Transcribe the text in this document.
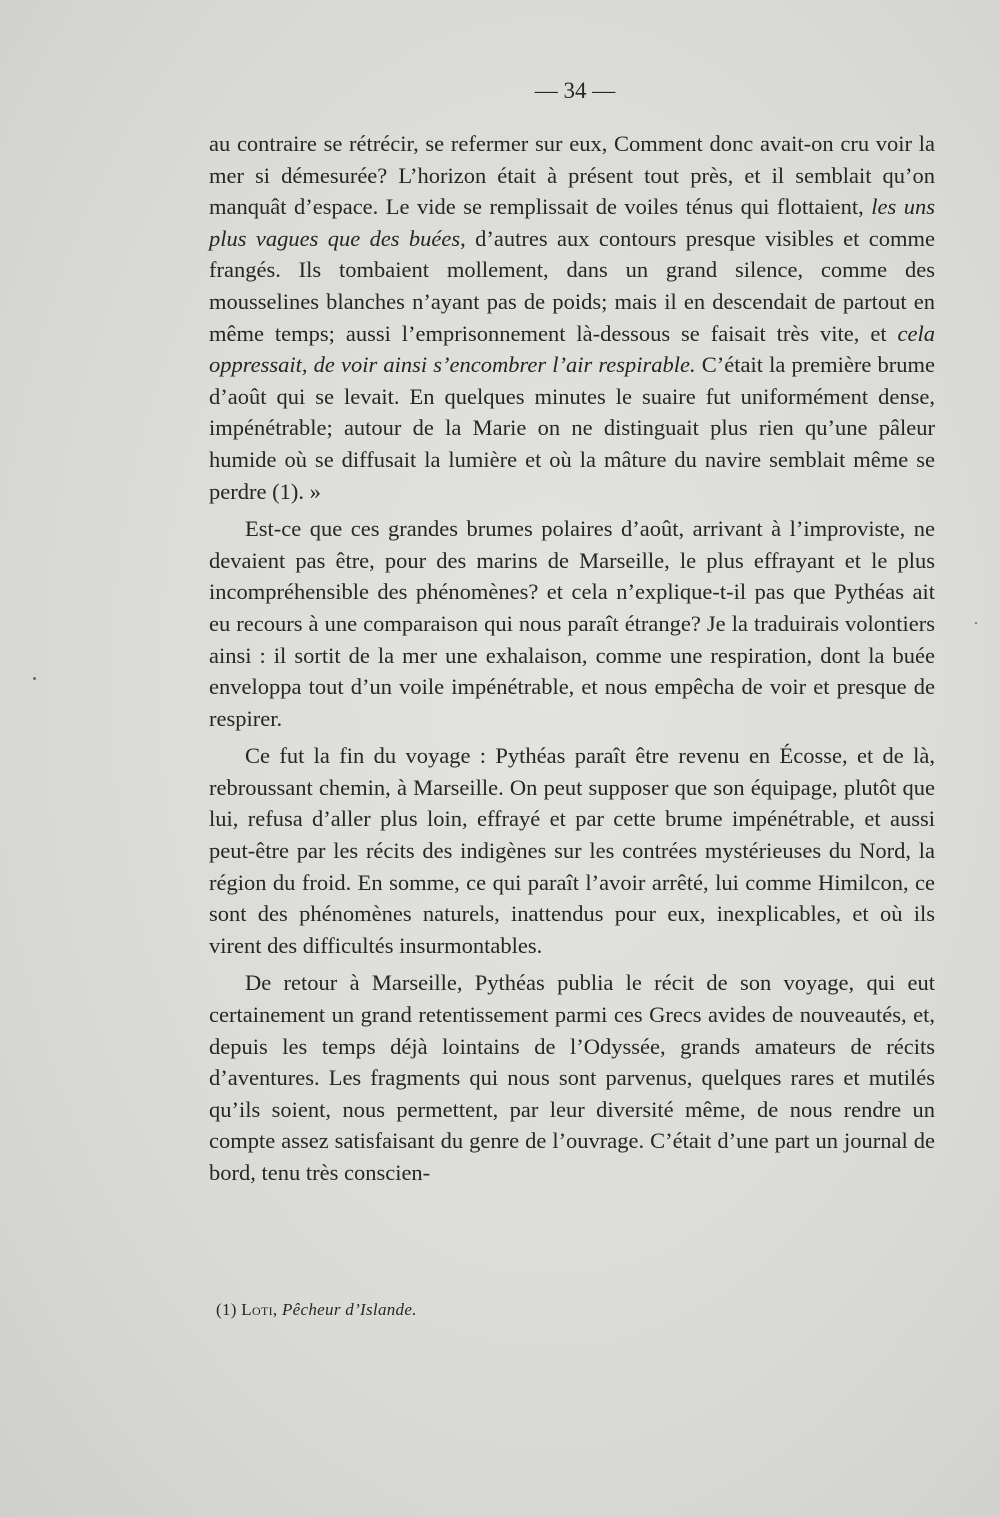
— 34 —

au contraire se rétrécir, se refermer sur eux, Comment donc avait-on cru voir la mer si démesurée? L’horizon était à présent tout près, et il semblait qu’on manquât d’espace. Le vide se remplissait de voiles ténus qui flottaient, les uns plus vagues que des buées, d’autres aux contours presque visibles et comme frangés. Ils tombaient mollement, dans un grand silence, comme des mousselines blanches n’ayant pas de poids; mais il en descendait de partout en même temps; aussi l’emprisonnement là-dessous se faisait très vite, et cela oppressait, de voir ainsi s’encombrer l’air respirable. C’était la première brume d’août qui se levait. En quelques minutes le suaire fut uniformément dense, impénétrable; autour de la Marie on ne distinguait plus rien qu’une pâleur humide où se diffusait la lumière et où la mâture du navire semblait même se perdre (1). »

Est-ce que ces grandes brumes polaires d’août, arrivant à l’improviste, ne devaient pas être, pour des marins de Marseille, le plus effrayant et le plus incompréhensible des phénomènes? et cela n’explique-t-il pas que Pythéas ait eu recours à une comparaison qui nous paraît étrange? Je la traduirais volontiers ainsi : il sortit de la mer une exhalaison, comme une respiration, dont la buée enveloppa tout d’un voile impénétrable, et nous empêcha de voir et presque de respirer.

Ce fut la fin du voyage : Pythéas paraît être revenu en Écosse, et de là, rebroussant chemin, à Marseille. On peut supposer que son équipage, plutôt que lui, refusa d’aller plus loin, effrayé et par cette brume impénétrable, et aussi peut-être par les récits des indigènes sur les contrées mystérieuses du Nord, la région du froid. En somme, ce qui paraît l’avoir arrêté, lui comme Himilcon, ce sont des phénomènes naturels, inattendus pour eux, inexplicables, et où ils virent des difficultés insurmontables.

De retour à Marseille, Pythéas publia le récit de son voyage, qui eut certainement un grand retentissement parmi ces Grecs avides de nouveautés, et, depuis les temps déjà lointains de l’Odyssée, grands amateurs de récits d’aventures. Les fragments qui nous sont parvenus, quelques rares et mutilés qu’ils soient, nous permettent, par leur diversité même, de nous rendre un compte assez satisfaisant du genre de l’ouvrage. C’était d’une part un journal de bord, tenu très conscien-

(1) Loti, Pêcheur d’Islande.
